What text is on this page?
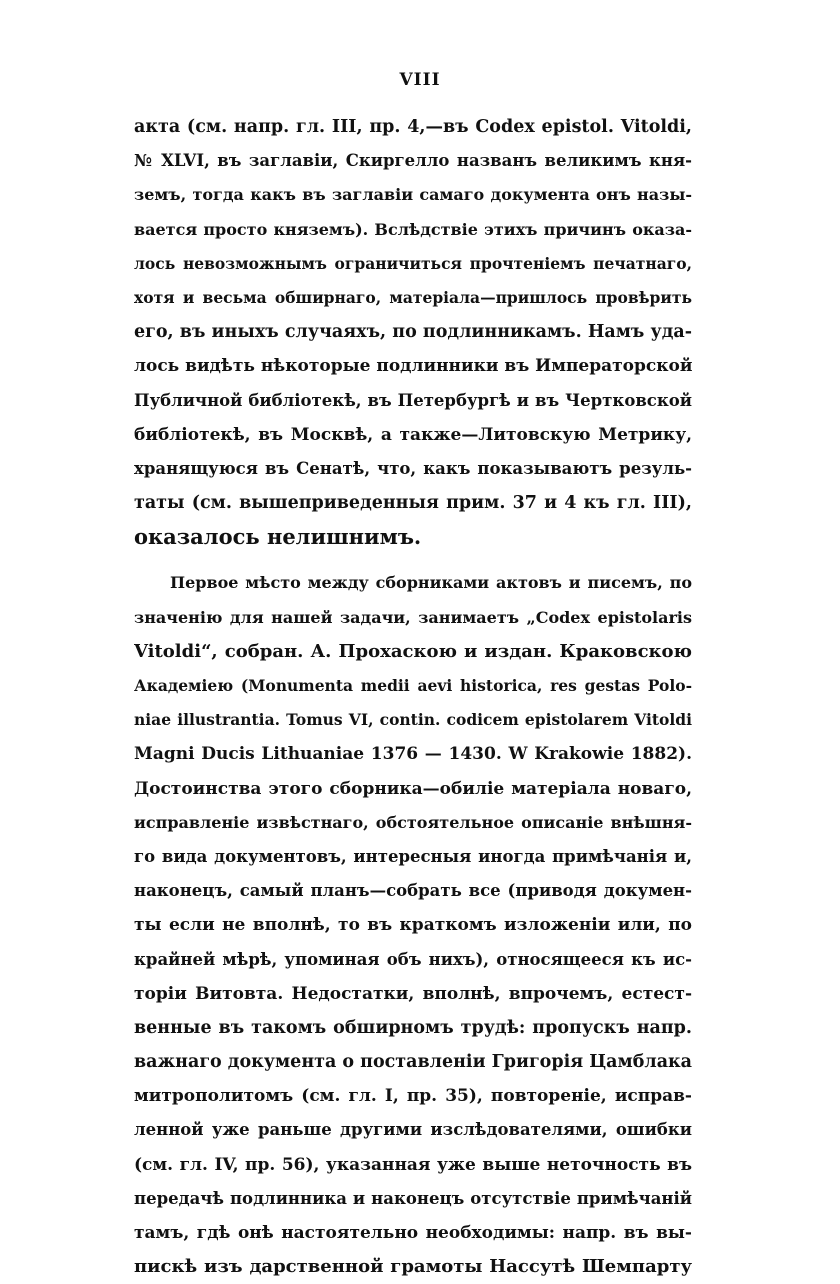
VIII
акта (см. напр. гл. III, пр. 4,—въ Codex epistol. Vitoldi,
№ XLVI, въ заглавіи, Скиргелло названъ великимъ кня-
земъ, тогда какъ въ заглавіи самаго документа онъ назы-
вается просто княземъ). Вслѣдствіе этихъ причинъ оказа-
лось невозможнымъ ограничиться прочтеніемъ печатнаго,
хотя и весьма обширнаго, матеріала—пришлось провѣрить
его, въ иныхъ случаяхъ, по подлинникамъ. Намъ уда-
лось видѣть нѣкоторые подлинники въ Императорской
Публичной библіотекѣ, въ Петербургѣ и въ Чертковской
библіотекѣ, въ Москвѣ, а также—Литовскую Метрику,
хранящуюся въ Сенатѣ, что, какъ показываютъ резуль-
таты (см. вышеприведенныя прим. 37 и 4 къ гл. III),
оказалось нелишнимъ.
Первое мѣсто между сборниками актовъ и писемъ, по
значенію для нашей задачи, занимаетъ „Codex epistolaris
Vitoldi“, собран. А. Прохаскою и издан. Краковскою
Академіею (Monumenta medii aevi historica, res gestas Polo-
niae illustrantia. Tomus VI, contin. codicem epistolarem Vitoldi
Magni Ducis Lithuaniae 1376 — 1430. W Krakowie 1882).
Достоинства этого сборника—обиліе матеріала новаго,
исправленіе извѣстнаго, обстоятельное описаніе внѣшня-
го вида документовъ, интересныя иногда примѣчанія и,
наконецъ, самый планъ—собрать все (приводя докумен-
ты если не вполнѣ, то въ краткомъ изложеніи или, по
крайней мѣрѣ, упоминая объ нихъ), относящееся къ ис-
торіи Витовта. Недостатки, вполнѣ, впрочемъ, естест-
венные въ такомъ обширномъ трудѣ: пропускъ напр.
важнаго документа о поставленіи Григорія Цамблака
митрополитомъ (см. гл. I, пр. 35), повтореніе, исправ-
ленной уже раньше другими изслѣдователями, ошибки
(см. гл. IV, пр. 56), указанная уже выше неточность въ
передачѣ подлинника и наконецъ отсутствіе примѣчаній
тамъ, гдѣ онѣ настоятельно необходимы: напр. въ вы-
пискѣ изъ дарственной грамоты Нассутѣ Шемпарту
